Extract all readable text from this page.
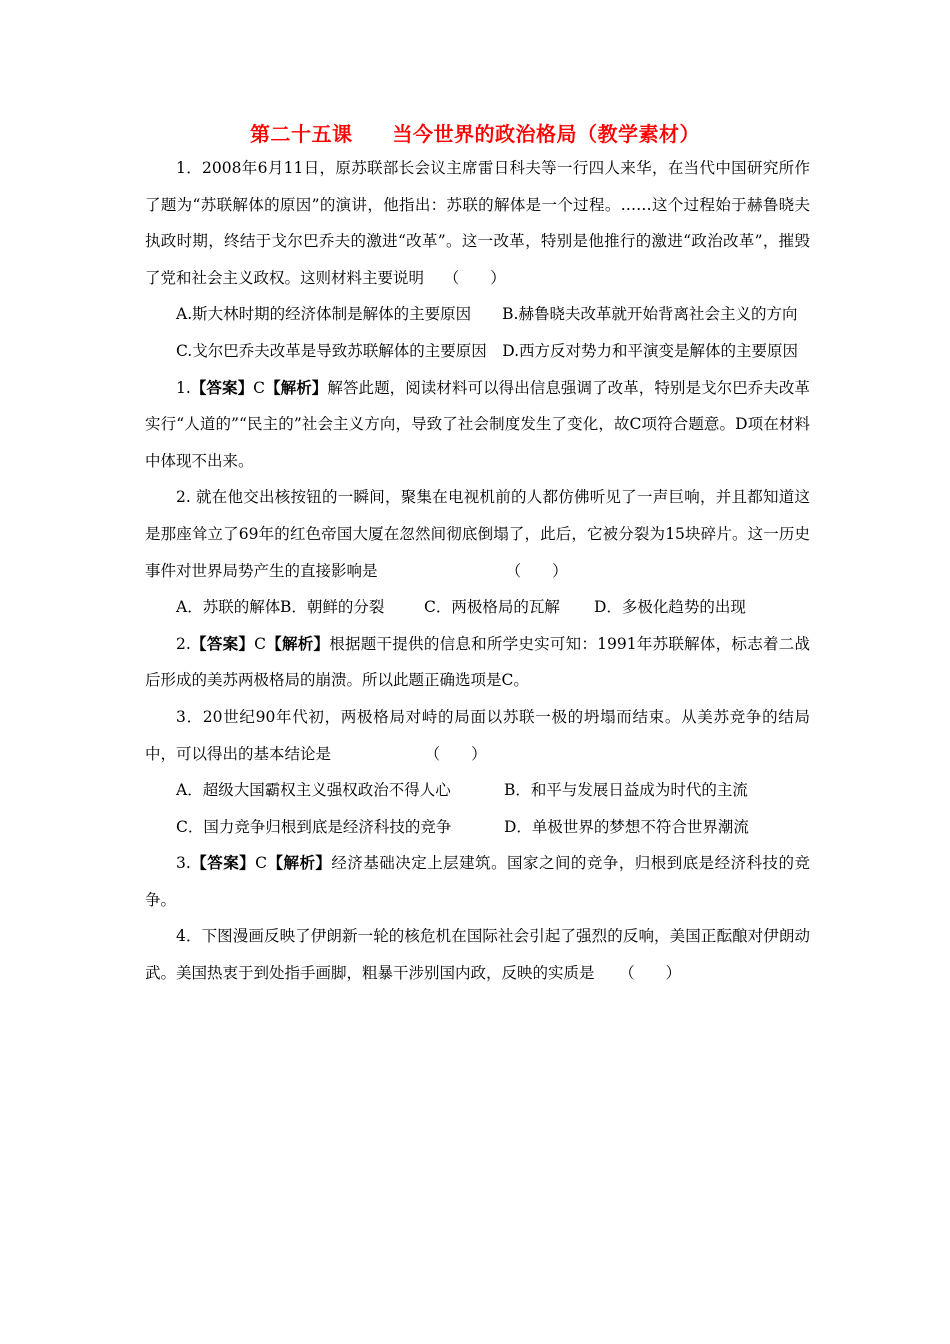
第二十五课 当今世界的政治格局（教学素材）

1．2008年6月11日，原苏联部长会议主席雷日科夫等一行四人来华，在当代中国研究所作了题为“苏联解体的原因”的演讲，他指出：苏联的解体是一个过程。……这个过程始于赫鲁晓夫执政时期，终结于戈尔巴乔夫的激进“改革”。这一改革，特别是他推行的激进“政治改革”，摧毁了党和社会主义政权。这则材料主要说明 （　　）

A.斯大林时期的经济体制是解体的主要原因　　B.赫鲁晓夫改革就开始背离社会主义的方向

C.戈尔巴乔夫改革是导致苏联解体的主要原因　D.西方反对势力和平演变是解体的主要原因

1.【答案】C【解析】解答此题，阅读材料可以得出信息强调了改革，特别是戈尔巴乔夫改革实行“人道的”“民主的”社会主义方向，导致了社会制度发生了变化，故C项符合题意。D项在材料中体现不出来。

2. 就在他交出核按钮的一瞬间，聚集在电视机前的人都仿佛听见了一声巨响，并且都知道这是那座耸立了69年的红色帝国大厦在忽然间彻底倒塌了，此后，它被分裂为15块碎片。这一历史事件对世界局势产生的直接影响是	（　　）

A．苏联的解体B．朝鲜的分裂	C．两极格局的瓦解 D．多极化趋势的出现

2.【答案】C【解析】根据题干提供的信息和所学史实可知：1991年苏联解体，标志着二战后形成的美苏两极格局的崩溃。所以此题正确选项是C。

3．20世纪90年代初，两极格局对峙的局面以苏联一极的坍塌而结束。从美苏竞争的结局中，可以得出的基本结论是	（　　）

A．超级大国霸权主义强权政治不得人心	B．和平与发展日益成为时代的主流

C．国力竞争归根到底是经济科技的竞争	D．单极世界的梦想不符合世界潮流

3.【答案】C【解析】经济基础决定上层建筑。国家之间的竞争，归根到底是经济科技的竞争。

4．下图漫画反映了伊朗新一轮的核危机在国际社会引起了强烈的反响，美国正酝酿对伊朗动武。美国热衷于到处指手画脚，粗暴干涉别国内政，反映的实质是 （　　）
